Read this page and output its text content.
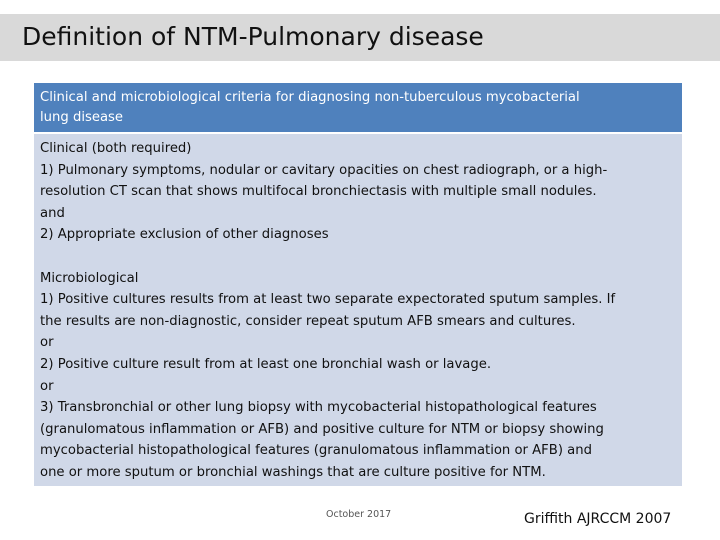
Definition of NTM-Pulmonary disease
Clinical and microbiological criteria for diagnosing non-tuberculous mycobacterial
lung disease
Clinical (both required)
1) Pulmonary symptoms, nodular or cavitary opacities on chest radiograph, or a high-
resolution CT scan that shows multifocal bronchiectasis with multiple small nodules.
and
2) Appropriate exclusion of other diagnoses
Microbiological
1) Positive cultures results from at least two separate expectorated sputum samples. If
the results are non-diagnostic, consider repeat sputum AFB smears and cultures.
or
2) Positive culture result from at least one bronchial wash or lavage.
or
3) Transbronchial or other lung biopsy with mycobacterial histopathological features
(granulomatous inflammation or AFB) and positive culture for NTM or biopsy showing
mycobacterial histopathological features (granulomatous inflammation or AFB) and
one or more sputum or bronchial washings that are culture positive for NTM.
October 2017	Griffith AJRCCM 2007
